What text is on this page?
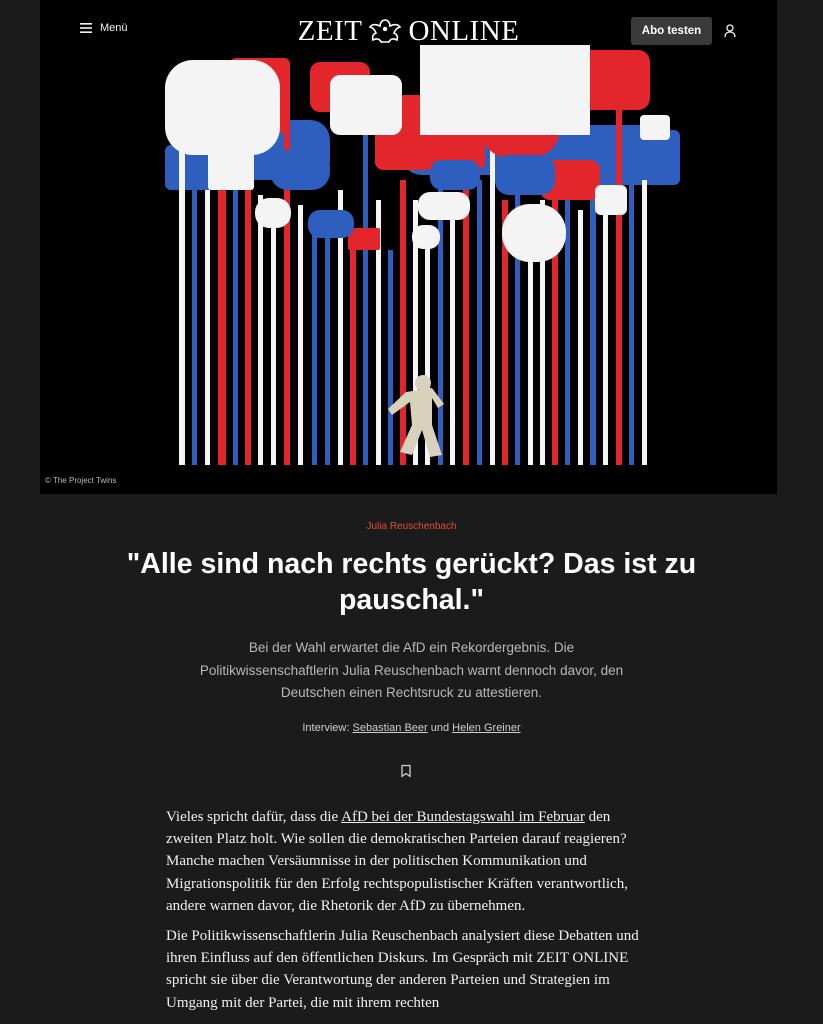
© The Project Twins
Menü	ZEIT ONLINE	Abo testen
Julia Reuschenbach
"Alle sind nach rechts gerückt? Das ist zu pauschal."

Bei der Wahl erwartet die AfD ein Rekordergebnis. Die Politikwissenschaftlerin Julia Reuschenbach warnt dennoch davor, den Deutschen einen Rechtsruck zu attestieren.

Interview: Sebastian Beer und Helen Greiner

Vieles spricht dafür, dass die AfD bei der Bundestagswahl im Februar den zweiten Platz holt. Wie sollen die demokratischen Parteien darauf reagieren? Manche machen Versäumnisse in der politischen Kommunikation und Migrationspolitik für den Erfolg rechtspopulistischer Kräften verantwortlich, andere warnen davor, die Rhetorik der AfD zu übernehmen.

Die Politikwissenschaftlerin Julia Reuschenbach analysiert diese Debatten und ihren Einfluss auf den öffentlichen Diskurs. Im Gespräch mit ZEIT ONLINE spricht sie über die Verantwortung der anderen Parteien und Strategien im Umgang mit der Partei, die mit ihrem rechten
